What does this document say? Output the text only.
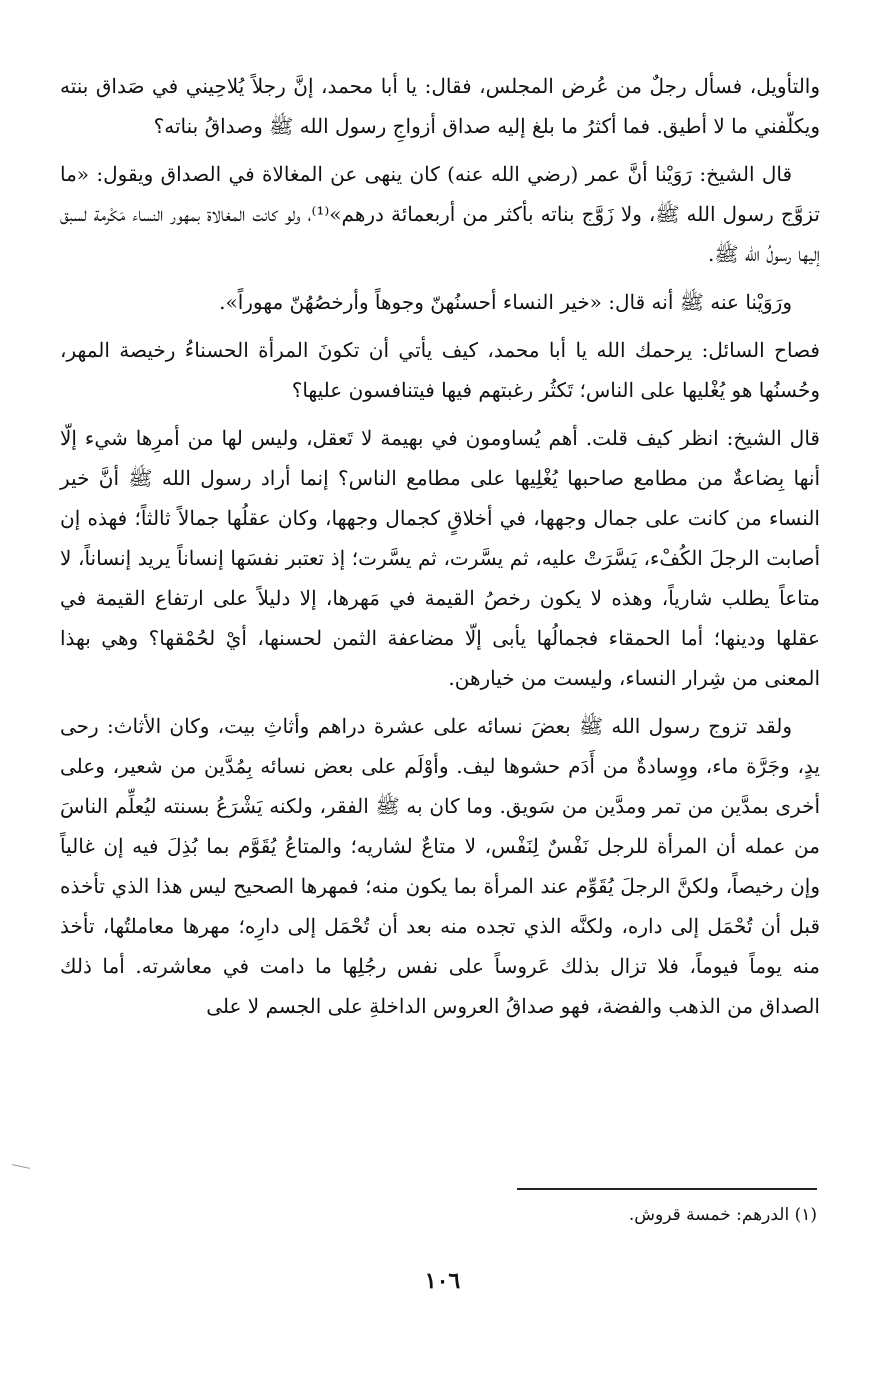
والتأويل، فسأل رجلٌ من عُرض المجلس، فقال: يا أبا محمد، إنَّ رجلاً يُلاحِيني في صَداق بنته ويكلّفني ما لا أطيق. فما أكثرُ ما بلغ إليه صداق أزواجِ رسول الله ﷺ وصداقُ بناته؟

قال الشيخ: رَوَيْنا أنَّ عمر (رضي الله عنه) كان ينهى عن المغالاة في الصداق ويقول: «ما تزوَّج رسول الله ﷺ، ولا زَوَّج بناته بأكثر من أربعمائة درهم»⁽¹⁾، ولو كانت المغالاة بمهور النساء مَكْرمة لسبق إليها رسولُ الله ﷺ.

ورَوَيْنا عنه ﷺ أنه قال: «خير النساء أحسنُهنّ وجوهاً وأرخصُهُنّ مهوراً».

فصاح السائل: يرحمك الله يا أبا محمد، كيف يأتي أن تكونَ المرأة الحسناءُ رخيصة المهر، وحُسنُها هو يُغْليها على الناس؛ تَكثُر رغبتهم فيها فيتنافسون عليها؟

قال الشيخ: انظر كيف قلت. أهم يُساومون في بهيمة لا تَعقل، وليس لها من أمرِها شيء إلّا أنها بِضاعةٌ من مطامع صاحبها يُغْلِيها على مطامع الناس؟ إنما أراد رسول الله ﷺ أنَّ خير النساء من كانت على جمال وجهها، في أخلاقٍ كجمال وجهها، وكان عقلُها جمالاً ثالثاً؛ فهذه إن أصابت الرجلَ الكُفْء، يَسَّرَتْ عليه، ثم يسَّرت، ثم يسَّرت؛ إذ تعتبر نفسَها إنساناً يريد إنساناً، لا متاعاً يطلب شارياً، وهذه لا يكون رخصُ القيمة في مَهرها، إلا دليلاً على ارتفاع القيمة في عقلها ودينها؛ أما الحمقاء فجمالُها يأبى إلّا مضاعفة الثمن لحسنها، أيْ لحُمْقها؟ وهي بهذا المعنى من شِرار النساء، وليست من خيارهن.

ولقد تزوج رسول الله ﷺ بعضَ نسائه على عشرة دراهم وأثاثِ بيت، وكان الأثاث: رحى يدٍ، وجَرَّة ماء، ووِسادةٌ من أَدَم حشوها ليف. وأوْلَم على بعض نسائه بِمُدَّين من شعير، وعلى أخرى بمدَّين من تمر ومدَّين من سَويق. وما كان به ﷺ الفقر، ولكنه يَشْرَعُ بسنته ليُعلِّم الناسَ من عمله أن المرأة للرجل نَفْسٌ لِنَفْس، لا متاعٌ لشاريه؛ والمتاعُ يُقَوَّم بما بُذِلَ فيه إن غالياً وإن رخيصاً، ولكنَّ الرجلَ يُقَوِّم عند المرأة بما يكون منه؛ فمهرها الصحيح ليس هذا الذي تأخذه قبل أن تُحْمَل إلى داره، ولكنَّه الذي تجده منه بعد أن تُحْمَل إلى دارِه؛ مهرها معاملتُها، تأخذ منه يوماً فيوماً، فلا تزال بذلك عَروساً على نفس رجُلِها ما دامت في معاشرته. أما ذلك الصداق من الذهب والفضة، فهو صداقُ العروس الداخلةِ على الجسم لا على

(١) الدرهم: خمسة قروش.

١٠٦
